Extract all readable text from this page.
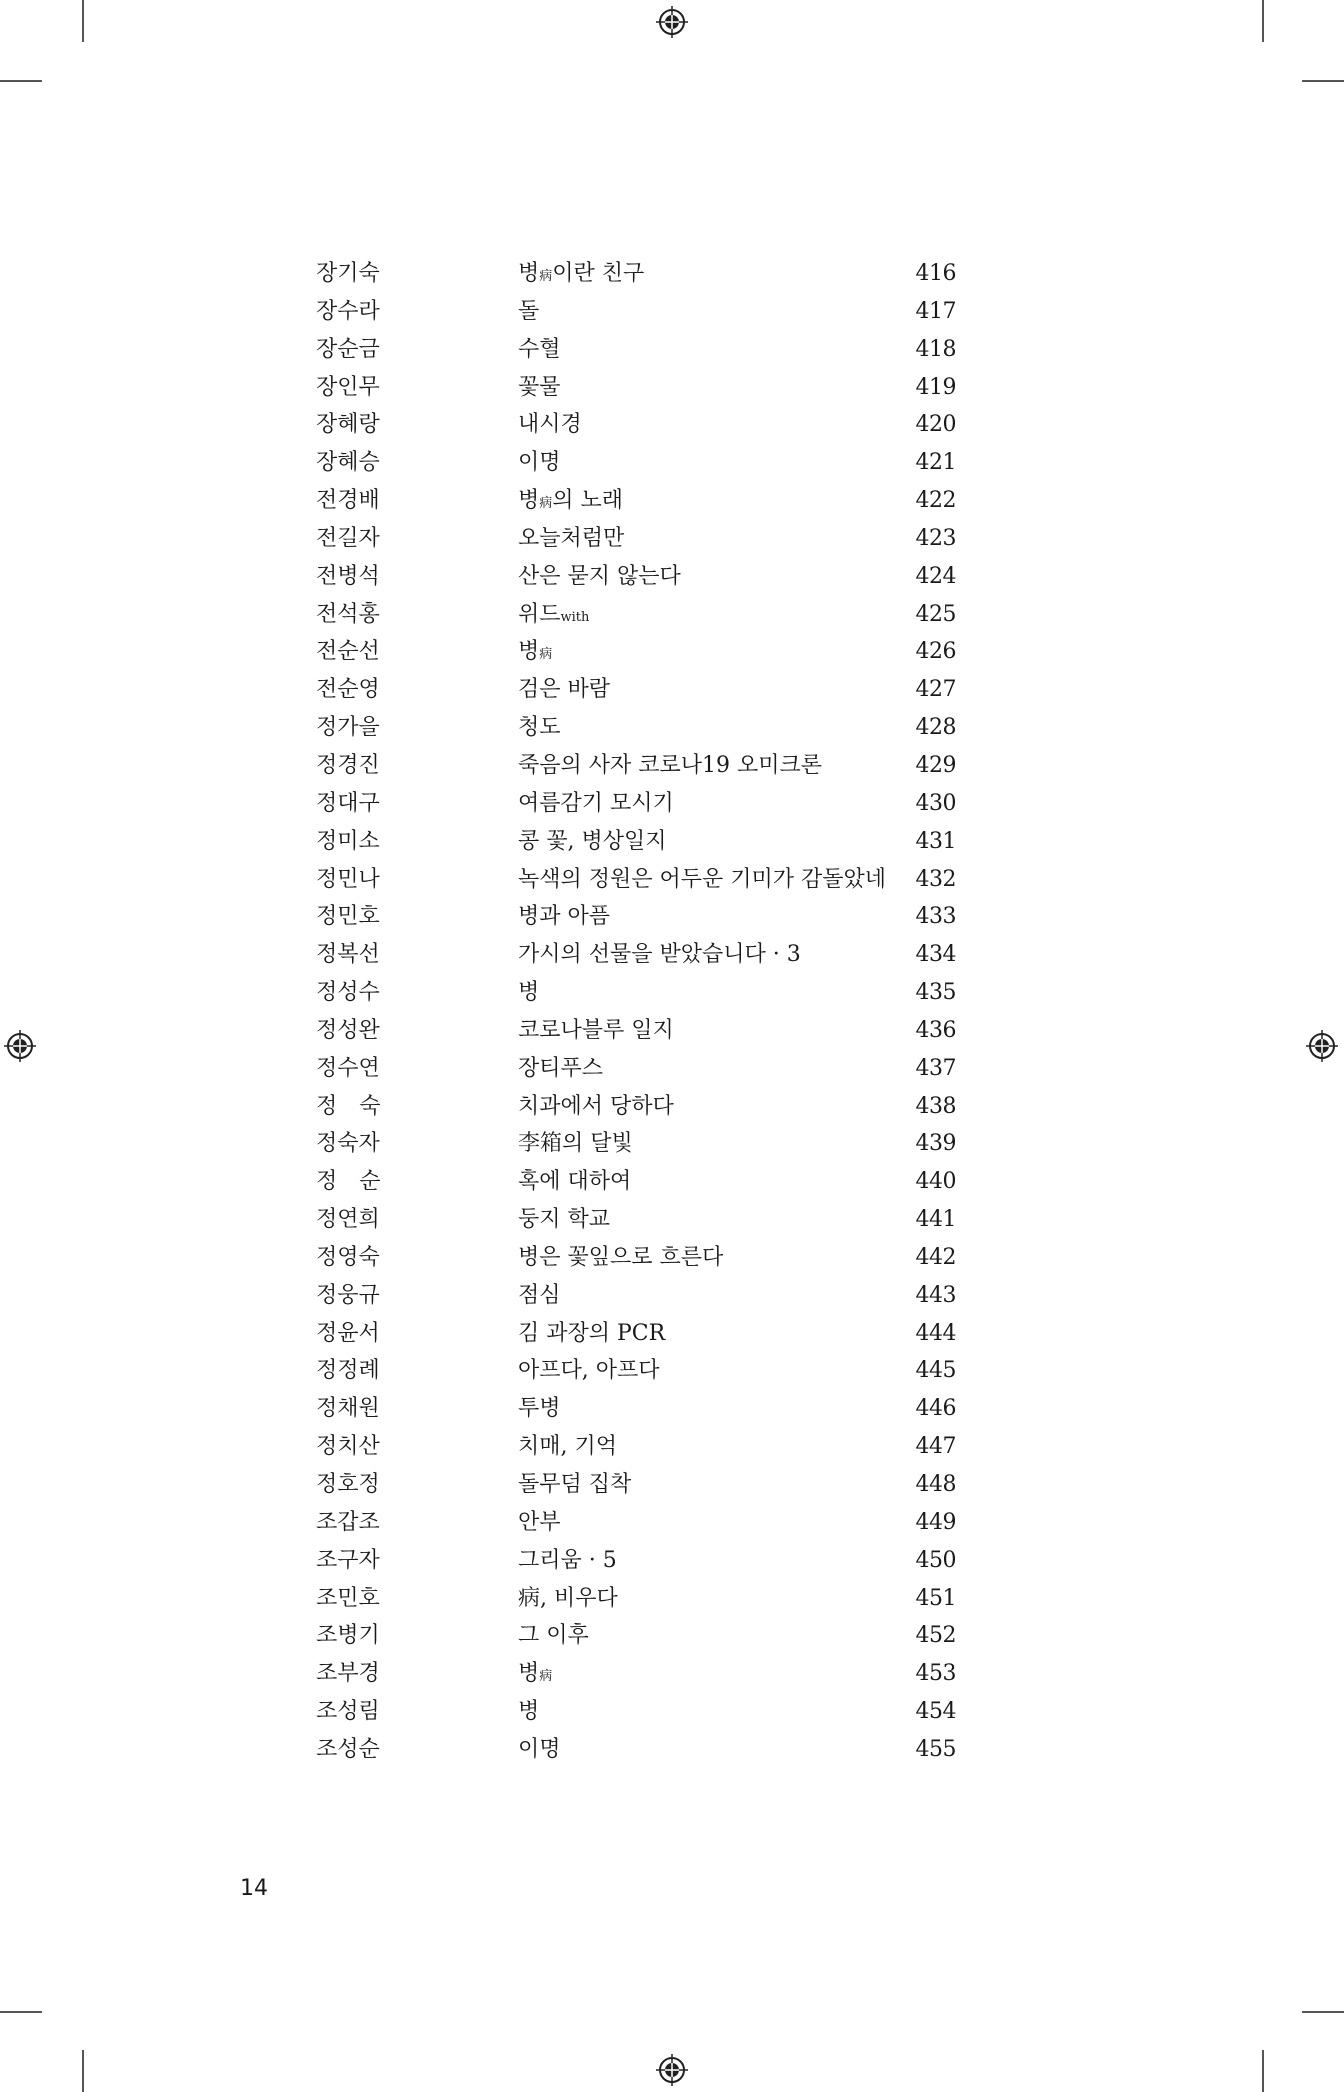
장기숙	병病이란 친구	416
장수라	돌	417
장순금	수혈	418
장인무	꽃물	419
장혜랑	내시경	420
장혜승	이명	421
전경배	병病의 노래	422
전길자	오늘처럼만	423
전병석	산은 묻지 않는다	424
전석홍	위드with	425
전순선	병病	426
전순영	검은 바람	427
정가을	청도	428
정경진	죽음의 사자 코로나19 오미크론	429
정대구	여름감기 모시기	430
정미소	콩 꽃, 병상일지	431
정민나	녹색의 정원은 어두운 기미가 감돌았네 432
정민호	병과 아픔	433
정복선	가시의 선물을 받았습니다 · 3	434
정성수	병	435
정성완	코로나블루 일지	436
정수연	장티푸스	437
정　숙	치과에서 당하다	438
정숙자	李箱의 달빛	439
정　순	혹에 대하여	440
정연희	둥지 학교	441
정영숙	병은 꽃잎으로 흐른다	442
정웅규	점심	443
정윤서	김 과장의 PCR	444
정정례	아프다, 아프다	445
정채원	투병	446
정치산	치매, 기억	447
정호정	돌무덤 집착	448
조갑조	안부	449
조구자	그리움 · 5	450
조민호	病, 비우다	451
조병기	그 이후	452
조부경	병病	453
조성림	병	454
조성순	이명	455
14
